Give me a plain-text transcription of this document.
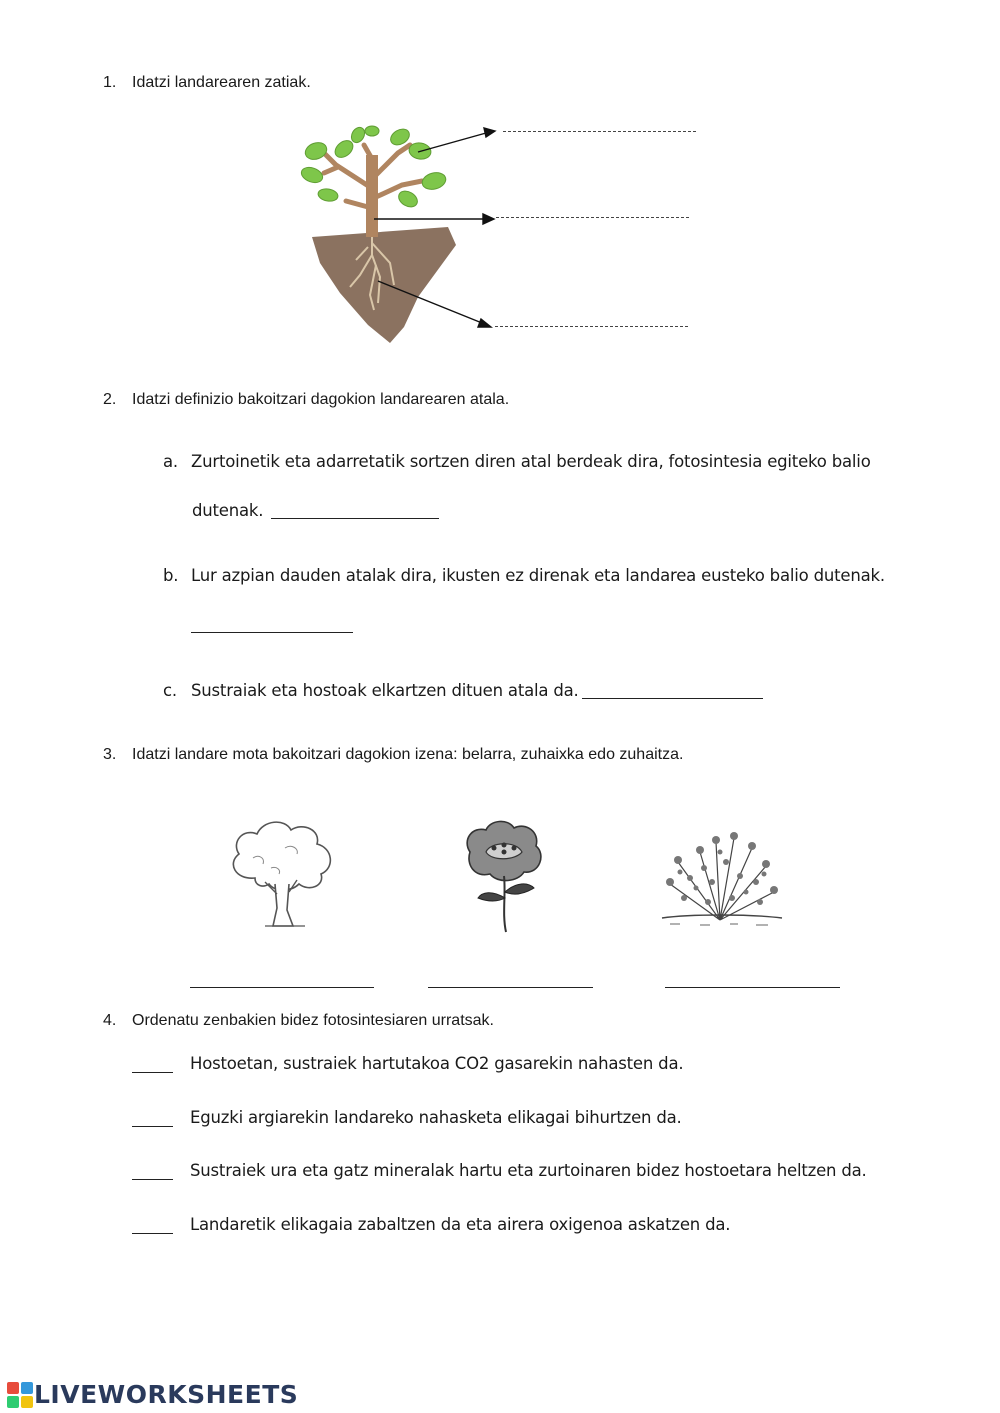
1. Idatzi landarearen zatiak.
2. Idatzi definizio bakoitzari dagokion landarearen atala.
a. Zurtoinetik eta adarretatik sortzen diren atal berdeak dira, fotosintesia egiteko balio
dutenak.
b. Lur azpian dauden atalak dira, ikusten ez direnak eta landarea eusteko balio dutenak.
c. Sustraiak eta hostoak elkartzen dituen atala da.
3. Idatzi landare mota bakoitzari dagokion izena: belarra, zuhaixka edo zuhaitza.
4. Ordenatu zenbakien bidez fotosintesiaren urratsak.
Hostoetan, sustraiek hartutakoa CO2 gasarekin nahasten da.
Eguzki argiarekin landareko nahasketa elikagai bihurtzen da.
Sustraiek ura eta gatz mineralak hartu eta zurtoinaren bidez hostoetara heltzen da.
Landaretik elikagaia zabaltzen da eta airera oxigenoa askatzen da.
LIVEWORKSHEETS
